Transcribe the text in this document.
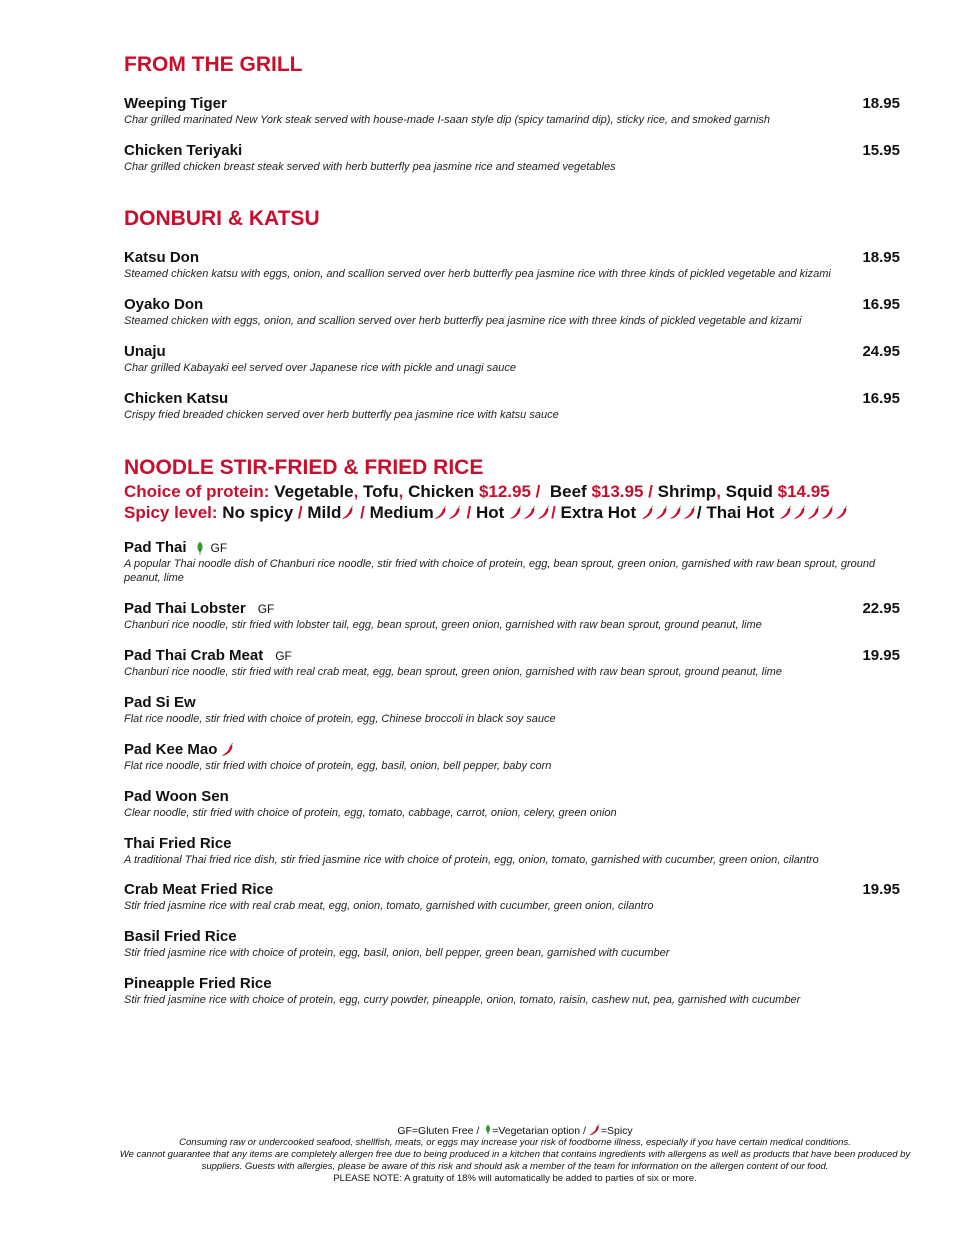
FROM THE GRILL
Weeping Tiger	18.95
Char grilled marinated New York steak served with house-made I-saan style dip (spicy tamarind dip), sticky rice, and smoked garnish
Chicken Teriyaki	15.95
Char grilled chicken breast steak served with herb butterfly pea jasmine rice and steamed vegetables
DONBURI & KATSU
Katsu Don	18.95
Steamed chicken katsu with eggs, onion, and scallion served over herb butterfly pea jasmine rice with three kinds of pickled vegetable and kizami
Oyako Don	16.95
Steamed chicken with eggs, onion, and scallion served over herb butterfly pea jasmine rice with three kinds of pickled vegetable and kizami
Unaju	24.95
Char grilled Kabayaki eel served over Japanese rice with pickle and unagi sauce
Chicken Katsu	16.95
Crispy fried breaded chicken served over herb butterfly pea jasmine rice with katsu sauce
NOODLE STIR-FRIED & FRIED RICE
Choice of protein: Vegetable, Tofu, Chicken $12.95 / Beef $13.95 / Shrimp, Squid $14.95
Spicy level: No spicy / Mild / Medium / Hot	/ Extra Hot	/ Thai Hot
Pad Thai GF
A popular Thai noodle dish of Chanburi rice noodle, stir fried with choice of protein, egg, bean sprout, green onion, garnished with raw bean sprout, ground peanut, lime
Pad Thai Lobster GF	22.95
Chanburi rice noodle, stir fried with lobster tail, egg, bean sprout, green onion, garnished with raw bean sprout, ground peanut, lime
Pad Thai Crab Meat GF	19.95
Chanburi rice noodle, stir fried with real crab meat, egg, bean sprout, green onion, garnished with raw bean sprout, ground peanut, lime
Pad Si Ew
Flat rice noodle, stir fried with choice of protein, egg, Chinese broccoli in black soy sauce
Pad Kee Mao
Flat rice noodle, stir fried with choice of protein, egg, basil, onion, bell pepper, baby corn
Pad Woon Sen
Clear noodle, stir fried with choice of protein, egg, tomato, cabbage, carrot, onion, celery, green onion
Thai Fried Rice
A traditional Thai fried rice dish, stir fried jasmine rice with choice of protein, egg, onion, tomato, garnished with cucumber, green onion, cilantro
Crab Meat Fried Rice	19.95
Stir fried jasmine rice with real crab meat, egg, onion, tomato, garnished with cucumber, green onion, cilantro
Basil Fried Rice
Stir fried jasmine rice with choice of protein, egg, basil, onion, bell pepper, green bean, garnished with cucumber
Pineapple Fried Rice
Stir fried jasmine rice with choice of protein, egg, curry powder, pineapple, onion, tomato, raisin, cashew nut, pea, garnished with cucumber
GF=Gluten Free / =Vegetarian option / =Spicy
Consuming raw or undercooked seafood, shellfish, meats, or eggs may increase your risk of foodborne illness, especially if you have certain medical conditions.
We cannot guarantee that any items are completely allergen free due to being produced in a kitchen that contains ingredients with allergens as well as products that have been produced by suppliers. Guests with allergies, please be aware of this risk and should ask a member of the team for information on the allergen content of our food.
PLEASE NOTE: A gratuity of 18% will automatically be added to parties of six or more.
